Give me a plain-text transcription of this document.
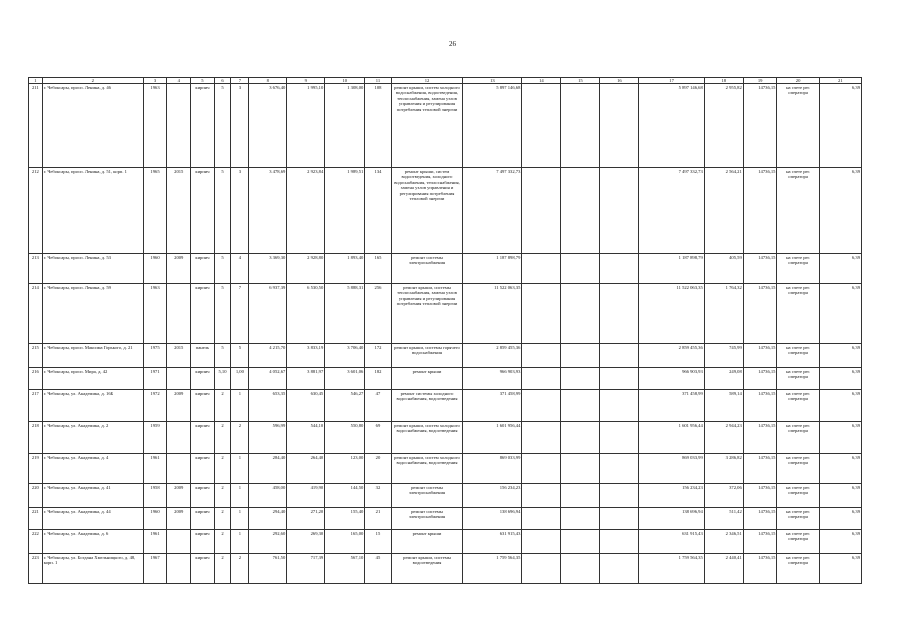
26
1	2	3	4	5	6	7	8	9	10	11	12	13	14	15	16	17	18	19	20	21
211	г. Чебоксары, просп. Ленина, д. 46	1963		кирпич	5	3	3 676,40	1 995,10	1 308,00	108	ремонт крыши, систем холодного водоснабжения, водоотведения, теплоснабжения, замена узлов управления и регулирования потребления тепловой энергии	5 897 146,68				5 897 146,68	2 955,82	14736,15	на счете рег. оператора	6,39
212	г. Чебоксары, просп. Ленина, д. 51, корп. 1	1965	2015	кирпич	5	3	3 478,69	2 923,84	1 989,51	134	ремонт крыши, систем водоотведения, холодного водоснабжения, теплоснабжения, замена узлов управления и регулирования потребления тепловой энергии	7 497 332,73				7 497 332,73	2 564,21	14736,15	на счете рег. оператора	6,39
213	г. Чебоксары, просп. Ленина, д. 53	1960	2009	кирпич	5	4	3 369,30	2 928,80	1 893,40	165	ремонт системы электроснабжения	1 187 898,79				1 187 898,79	405,59	14736,15	на счете рег. оператора	6,39
214	г. Чебоксары, просп. Ленина, д. 59	1963		кирпич	5	7	6 937,39	6 530,50	5 888,31	256	ремонт крыши, системы теплоснабжения, замена узлов управления и регулирования потребления тепловой энергии	11 522 063,35				11 522 063,35	1 764,32	14736,15	на счете рег. оператора	6,39
215	г. Чебоксары, просп. Максима Горького, д. 21	1975	2015	панель	5	5	4 215,70	3 833,19	3 706,40	172	ремонт крыши, системы горячего водоснабжения	2 859 455,36				2 859 455,36	745,99	14736,15	на счете рег. оператора	6,39
216	г. Чебоксары, просп. Мира, д. 42	1971		кирпич	5,10	1,00	4 052,67	3 881,97	3 601,06	182	ремонт крыши	966 903,93				966 903,93	249,08	14736,15	на счете рег. оператора	6,39
217	г. Чебоксары, ул. Академика, д. 16Б	1972	2009	кирпич	2	1	653,35	630,45	546,27	47	ремонт системы холодного водоснабжения, водоотведения	371 458,99				371 458,99	589,14	14736,15	на счете рег. оператора	6,39
218	г. Чебоксары, ул. Академика, д. 2	1959		кирпич	2	2	596,99	544,10	550,80	69	ремонт крыши, систем холодного водоснабжения, водоотведения	1 601 956,44				1 601 956,44	2 944,23	14736,15	на счете рег. оператора	6,39
219	г. Чебоксары, ул. Академика, д. 4	1961		кирпич	2	1	284,40	264,40	123,00	20	ремонт крыши, систем холодного водоснабжения, водоотведения	869 033,99				869 033,99	3 286,82	14736,15	на счете рег. оператора	6,39
220	г. Чебоксары, ул. Академика, д. 41	1958	2009	кирпич	2	1	458,00	419,90	144,50	32	ремонт системы электроснабжения	156 234,23				156 234,23	372,06	14736,15	на счете рег. оператора	6,39
221	г. Чебоксары, ул. Академика, д. 44	1960	2009	кирпич	2	1	294,40	271,20	155,40	21	ремонт системы электроснабжения	138 696,94				138 696,94	511,42	14736,15	на счете рег. оператора	6,39
222	г. Чебоксары, ул. Академика, д. 6	1961		кирпич	2	1	292,60	269,30	165,00	15	ремонт крыши	631 915,43				631 915,43	2 346,51	14736,15	на счете рег. оператора	6,39
223	г. Чебоксары, ул. Богдана Хмельницкого, д. 48, корп. 1	1967		кирпич	2	2	761,50	717,39	567,10	45	ремонт крыши, системы водоотведения	1 759 564,35				1 759 564,35	2 440,41	14736,15	на счете рег. оператора	6,39
